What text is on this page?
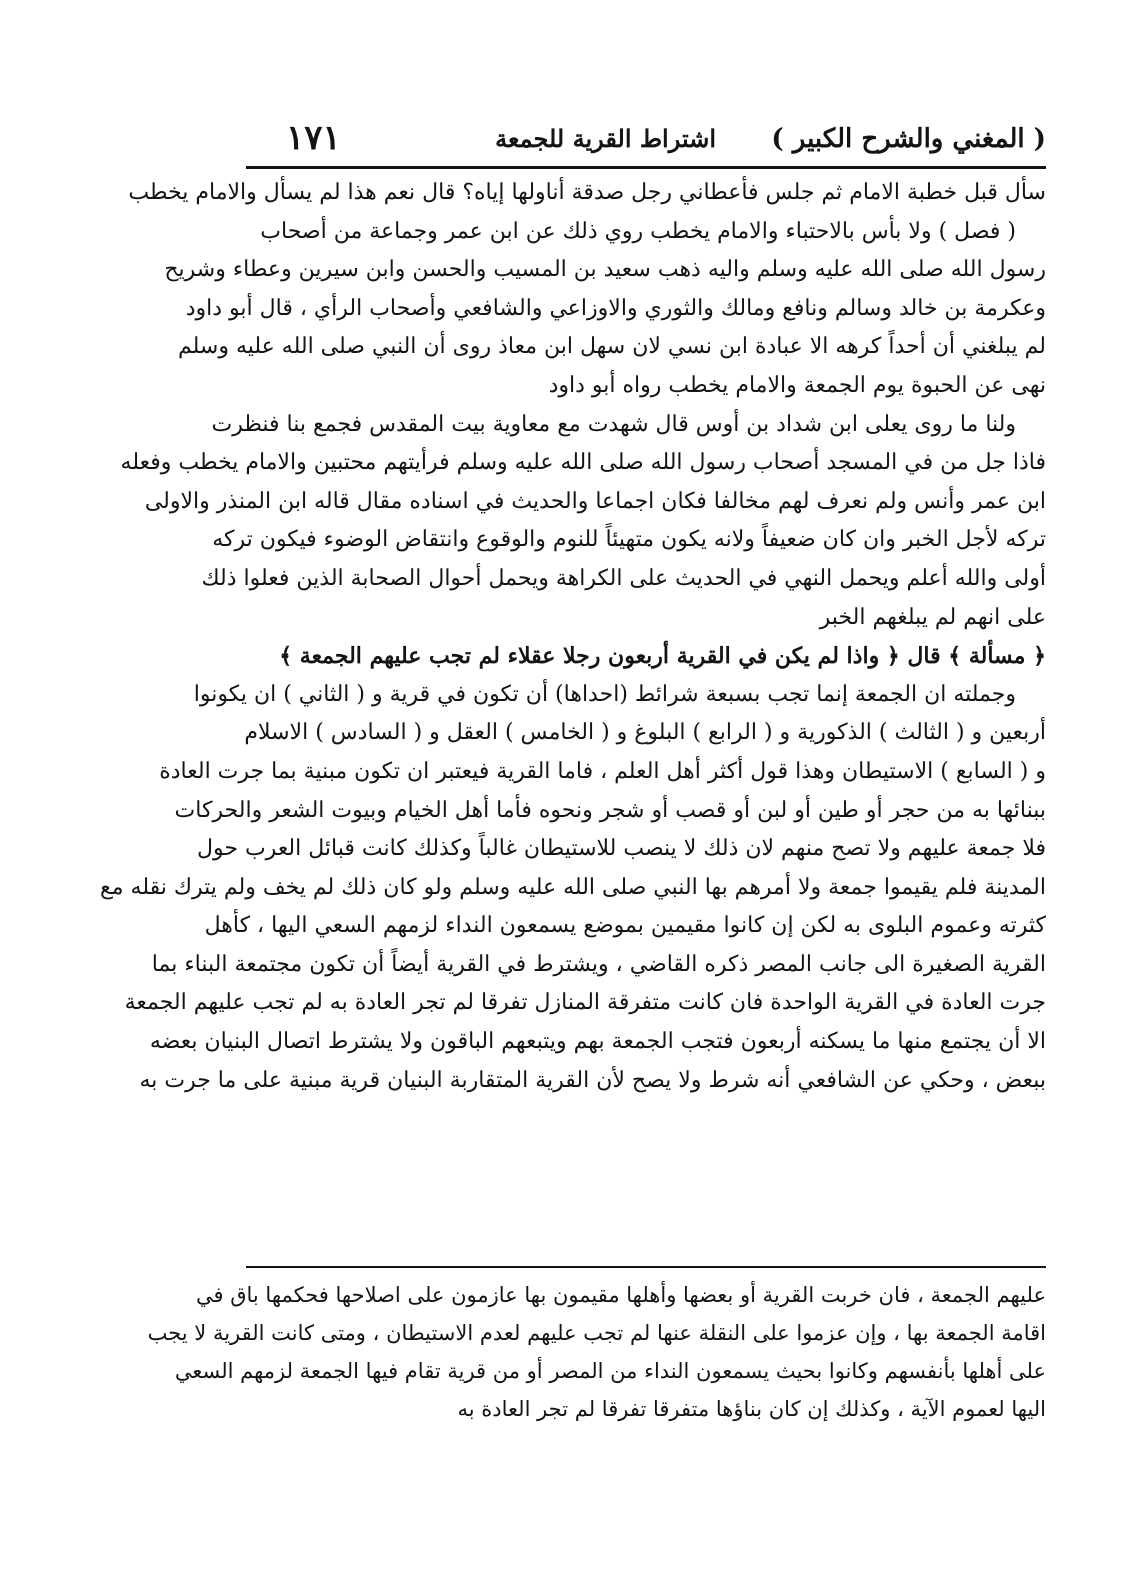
( المغني والشرح الكبير )
اشتراط القرية للجمعة
١٧١
سأل قبل خطبة الامام ثم جلس فأعطاني رجل صدقة أناولها إياه؟ قال نعم هذا لم يسأل والامام يخطب
( فصل ) ولا بأس بالاحتباء والامام يخطب روي ذلك عن ابن عمر وجماعة من أصحاب
رسول الله صلى الله عليه وسلم واليه ذهب سعيد بن المسيب والحسن وابن سيرين وعطاء وشريح
وعكرمة بن خالد وسالم ونافع ومالك والثوري والاوزاعي والشافعي وأصحاب الرأي ، قال أبو داود
لم يبلغني أن أحداً كرهه الا عبادة ابن نسي لان سهل ابن معاذ روى أن النبي صلى الله عليه وسلم
نهى عن الحبوة يوم الجمعة والامام يخطب رواه أبو داود
ولنا ما روى يعلى ابن شداد بن أوس قال شهدت مع معاوية بيت المقدس فجمع بنا فنظرت
فاذا جل من في المسجد أصحاب رسول الله صلى الله عليه وسلم فرأيتهم محتبين والامام يخطب وفعله
ابن عمر وأنس ولم نعرف لهم مخالفا فكان اجماعا والحديث في اسناده مقال قاله ابن المنذر والاولى
تركه لأجل الخبر وان كان ضعيفاً ولانه يكون متهيئاً للنوم والوقوع وانتقاض الوضوء فيكون تركه
أولى والله أعلم ويحمل النهي في الحديث على الكراهة ويحمل أحوال الصحابة الذين فعلوا ذلك
على انهم لم يبلغهم الخبر
﴿ مسألة ﴾ قال ﴿ واذا لم يكن في القرية أربعون رجلا عقلاء لم تجب عليهم الجمعة ﴾
وجملته ان الجمعة إنما تجب بسبعة شرائط (احداها) أن تكون في قرية و ( الثاني ) ان يكونوا
أربعين و ( الثالث ) الذكورية و ( الرابع ) البلوغ و ( الخامس ) العقل و ( السادس ) الاسلام
و ( السابع ) الاستيطان وهذا قول أكثر أهل العلم ، فاما القرية فيعتبر ان تكون مبنية بما جرت العادة
ببنائها به من حجر أو طين أو لبن أو قصب أو شجر ونحوه فأما أهل الخيام وبيوت الشعر والحركات
فلا جمعة عليهم ولا تصح منهم لان ذلك لا ينصب للاستيطان غالباً وكذلك كانت قبائل العرب حول
المدينة فلم يقيموا جمعة ولا أمرهم بها النبي صلى الله عليه وسلم ولو كان ذلك لم يخف ولم يترك نقله مع
كثرته وعموم البلوى به لكن إن كانوا مقيمين بموضع يسمعون النداء لزمهم السعي اليها ، كأهل
القرية الصغيرة الى جانب المصر ذكره القاضي ، ويشترط في القرية أيضاً أن تكون مجتمعة البناء بما
جرت العادة في القرية الواحدة فان كانت متفرقة المنازل تفرقا لم تجر العادة به لم تجب عليهم الجمعة
الا أن يجتمع منها ما يسكنه أربعون فتجب الجمعة بهم ويتبعهم الباقون ولا يشترط اتصال البنيان بعضه
ببعض ، وحكي عن الشافعي أنه شرط ولا يصح لأن القرية المتقاربة البنيان قرية مبنية على ما جرت به
عليهم الجمعة ، فان خربت القرية أو بعضها وأهلها مقيمون بها عازمون على اصلاحها فحكمها باق في
اقامة الجمعة بها ، وإن عزموا على النقلة عنها لم تجب عليهم لعدم الاستيطان ، ومتى كانت القرية لا يجب
على أهلها بأنفسهم وكانوا بحيث يسمعون النداء من المصر أو من قرية تقام فيها الجمعة لزمهم السعي
اليها لعموم الآية ، وكذلك إن كان بناؤها متفرقا تفرقا لم تجر العادة به
